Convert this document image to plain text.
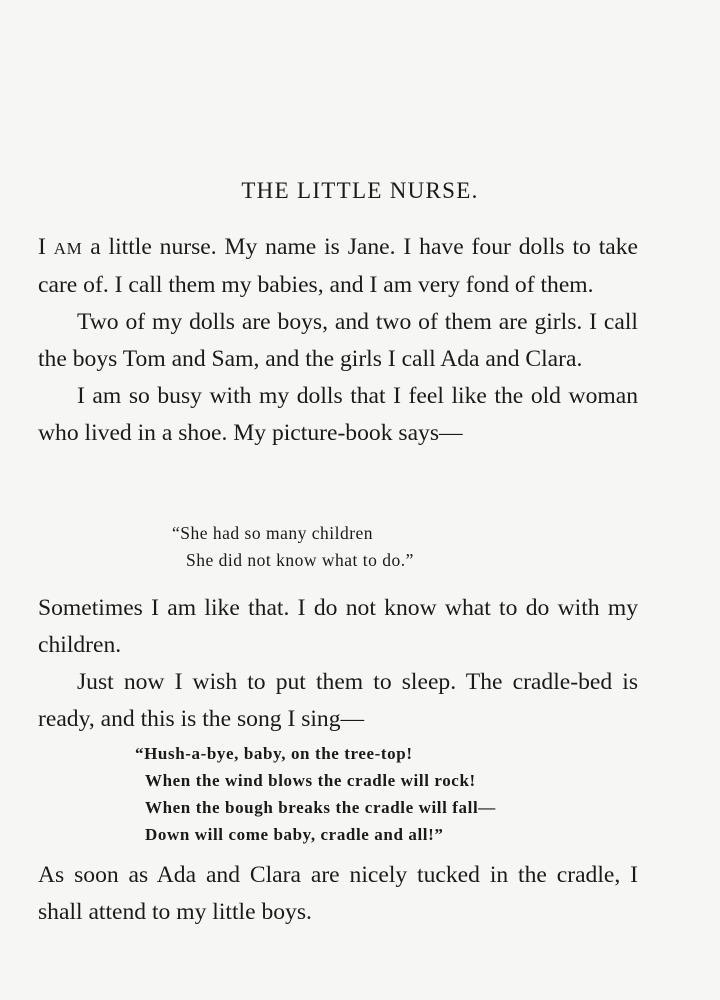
THE LITTLE NURSE.

I AM a little nurse. My name is Jane. I have four dolls to take care of. I call them my babies, and I am very fond of them.

Two of my dolls are boys, and two of them are girls. I call the boys Tom and Sam, and the girls I call Ada and Clara.

I am so busy with my dolls that I feel like the old woman who lived in a shoe. My picture-book says—

“She had so many children
She did not know what to do.”

Sometimes I am like that. I do not know what to do with my children.

Just now I wish to put them to sleep. The cradle-bed is ready, and this is the song I sing—

“Hush-a-bye, baby, on the tree-top!
When the wind blows the cradle will rock!
When the bough breaks the cradle will fall—
Down will come baby, cradle and all!”

As soon as Ada and Clara are nicely tucked in the cradle, I shall attend to my little boys.
